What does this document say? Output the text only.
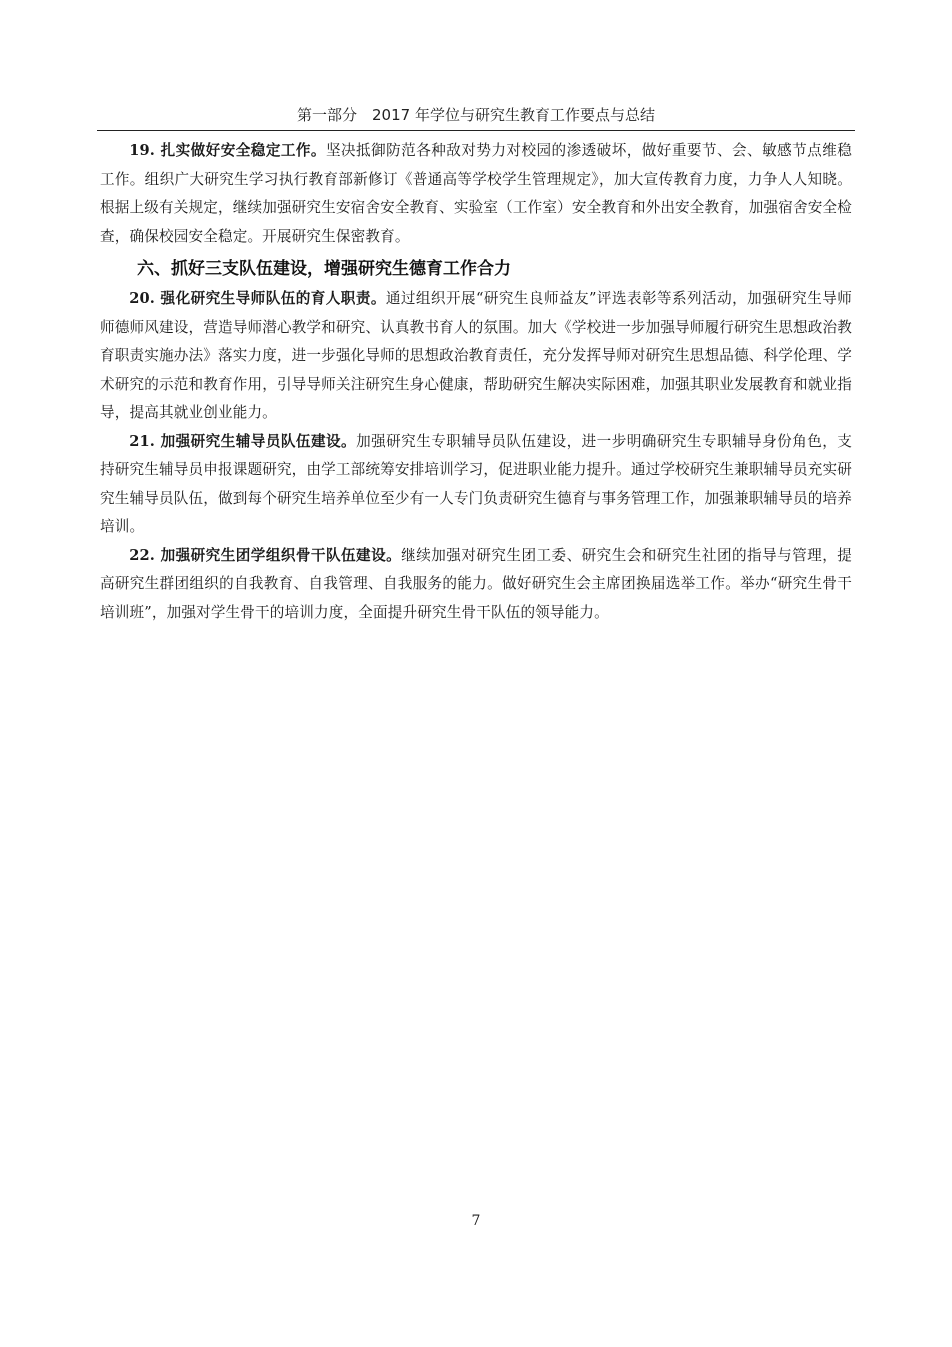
第一部分　2017 年学位与研究生教育工作要点与总结

19. 扎实做好安全稳定工作。坚决抵御防范各种敌对势力对校园的渗透破坏，做好重要节、会、敏感节点维稳工作。组织广大研究生学习执行教育部新修订《普通高等学校学生管理规定》，加大宣传教育力度，力争人人知晓。根据上级有关规定，继续加强研究生安宿舍安全教育、实验室（工作室）安全教育和外出安全教育，加强宿舍安全检查，确保校园安全稳定。开展研究生保密教育。

六、抓好三支队伍建设，增强研究生德育工作合力

20. 强化研究生导师队伍的育人职责。通过组织开展“研究生良师益友”评选表彰等系列活动，加强研究生导师师德师风建设，营造导师潜心教学和研究、认真教书育人的氛围。加大《学校进一步加强导师履行研究生思想政治教育职责实施办法》落实力度，进一步强化导师的思想政治教育责任，充分发挥导师对研究生思想品德、科学伦理、学术研究的示范和教育作用，引导导师关注研究生身心健康，帮助研究生解决实际困难，加强其职业发展教育和就业指导，提高其就业创业能力。

21. 加强研究生辅导员队伍建设。加强研究生专职辅导员队伍建设，进一步明确研究生专职辅导身份角色，支持研究生辅导员申报课题研究，由学工部统筹安排培训学习，促进职业能力提升。通过学校研究生兼职辅导员充实研究生辅导员队伍，做到每个研究生培养单位至少有一人专门负责研究生德育与事务管理工作，加强兼职辅导员的培养培训。

22. 加强研究生团学组织骨干队伍建设。继续加强对研究生团工委、研究生会和研究生社团的指导与管理，提高研究生群团组织的自我教育、自我管理、自我服务的能力。做好研究生会主席团换届选举工作。举办“研究生骨干培训班”，加强对学生骨干的培训力度，全面提升研究生骨干队伍的领导能力。

7
